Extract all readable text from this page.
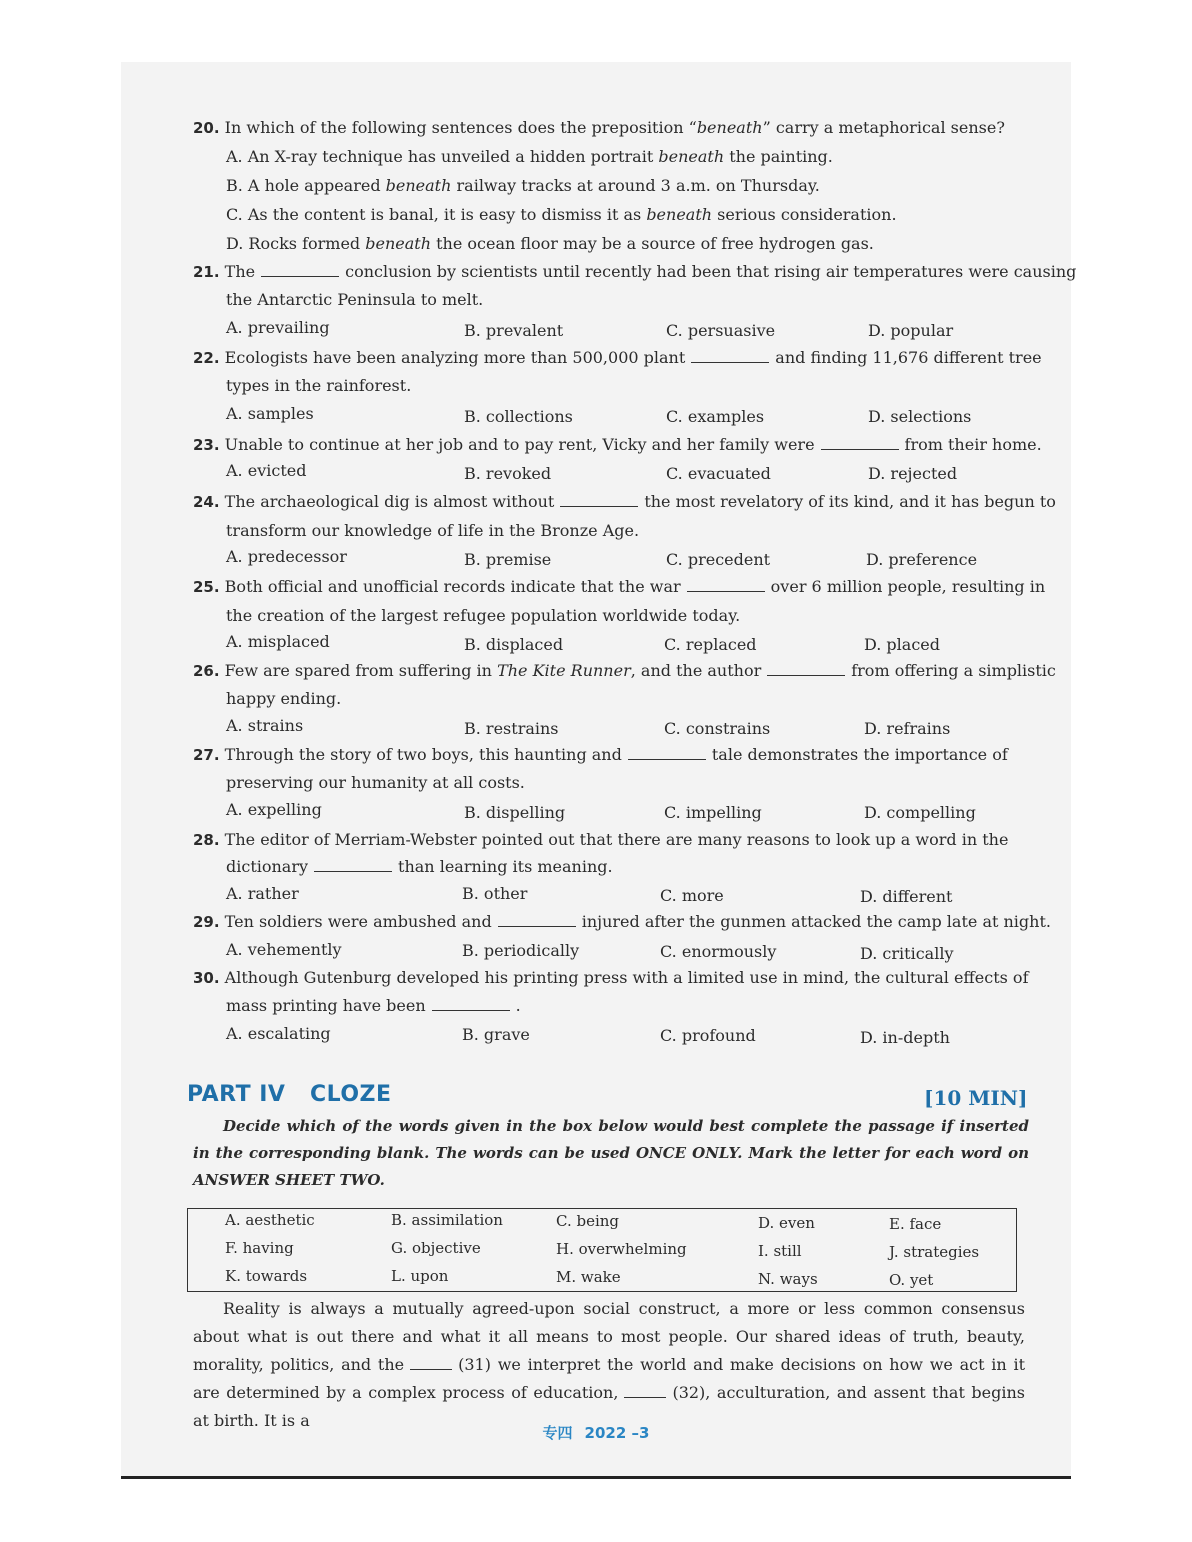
20. In which of the following sentences does the preposition “beneath” carry a metaphorical sense?
A. An X-ray technique has unveiled a hidden portrait beneath the painting.
B. A hole appeared beneath railway tracks at around 3 a.m. on Thursday.
C. As the content is banal, it is easy to dismiss it as beneath serious consideration.
D. Rocks formed beneath the ocean floor may be a source of free hydrogen gas.
21. The	conclusion by scientists until recently had been that rising air temperatures were causing
the Antarctic Peninsula to melt.
A. prevailing	B. prevalent	C. persuasive	D. popular
22. Ecologists have been analyzing more than 500,000 plant	and finding 11,676 different tree
types in the rainforest.
A. samples	B. collections	C. examples	D. selections
23. Unable to continue at her job and to pay rent, Vicky and her family were	from their home.
A. evicted	B. revoked	C. evacuated	D. rejected
24. The archaeological dig is almost without	the most revelatory of its kind, and it has begun to
transform our knowledge of life in the Bronze Age.
A. predecessor	B. premise	C. precedent	D. preference
25. Both official and unofficial records indicate that the war	over 6 million people, resulting in
the creation of the largest refugee population worldwide today.
A. misplaced	B. displaced	C. replaced	D. placed
26. Few are spared from suffering in The Kite Runner, and the author	from offering a simplistic
happy ending.
A. strains	B. restrains	C. constrains	D. refrains
27. Through the story of two boys, this haunting and	tale demonstrates the importance of
preserving our humanity at all costs.
A. expelling	B. dispelling	C. impelling	D. compelling
28. The editor of Merriam-Webster pointed out that there are many reasons to look up a word in the
dictionary	than learning its meaning.
A. rather	B. other	C. more	D. different
29. Ten soldiers were ambushed and	injured after the gunmen attacked the camp late at night.
A. vehemently	B. periodically	C. enormously	D. critically
30. Although Gutenburg developed his printing press with a limited use in mind, the cultural effects of
mass printing have been	.
A. escalating	B. grave	C. profound	D. in-depth
PART IV   CLOZE	[10 MIN]
Decide which of the words given in the box below would best complete the passage if inserted in the corresponding blank. The words can be used ONCE ONLY. Mark the letter for each word on ANSWER SHEET TWO.
A. aesthetic	B. assimilation	C. being	D. even	E. face
F. having	G. objective	H. overwhelming	I. still	J. strategies
K. towards	L. upon	M. wake	N. ways	O. yet
Reality is always a mutually agreed-upon social construct, a more or less common consensus about what is out there and what it all means to most people. Our shared ideas of truth, beauty, morality, politics, and the	(31) we interpret the world and make decisions on how we act in it are determined by a complex process of education,	(32), acculturation, and assent that begins at birth. It is a
专四 2022 –3
